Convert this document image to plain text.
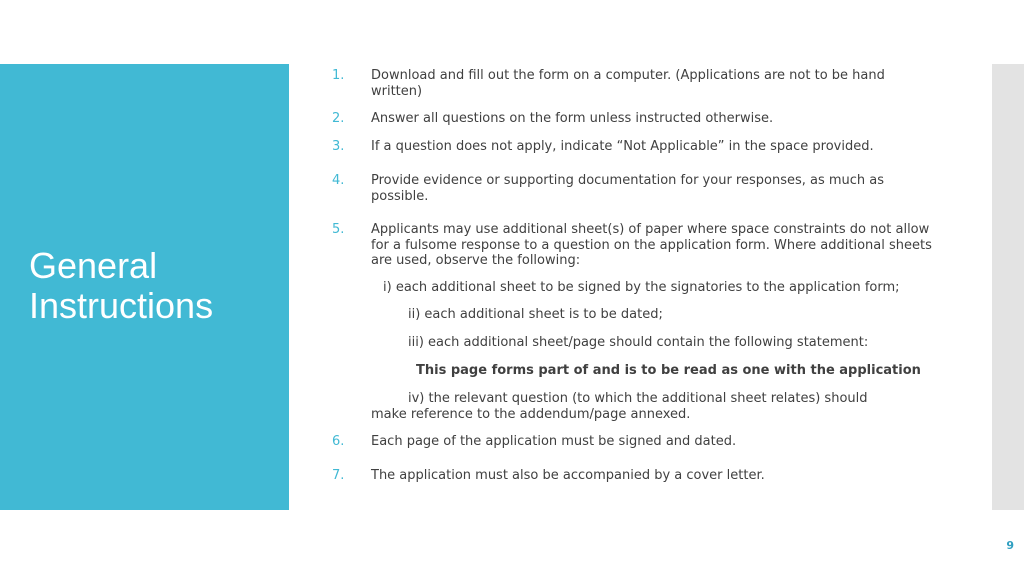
General
Instructions
1. Download and fill out the form on a computer. (Applications are not to be hand
written)
2. Answer all questions on the form unless instructed otherwise.
3. If a question does not apply, indicate “Not Applicable” in the space provided.
4. Provide evidence or supporting documentation for your responses, as much as
possible.
5. Applicants may use additional sheet(s) of paper where space constraints do not allow
for a fulsome response to a question on the application form. Where additional sheets
are used, observe the following:
i) each additional sheet to be signed by the signatories to the application form;
ii) each additional sheet is to be dated;
iii) each additional sheet/page should contain the following statement:
This page forms part of and is to be read as one with the application
iv) the relevant question (to which the additional sheet relates) should
make reference to the addendum/page annexed.
6. Each page of the application must be signed and dated.
7. The application must also be accompanied by a cover letter.
9
